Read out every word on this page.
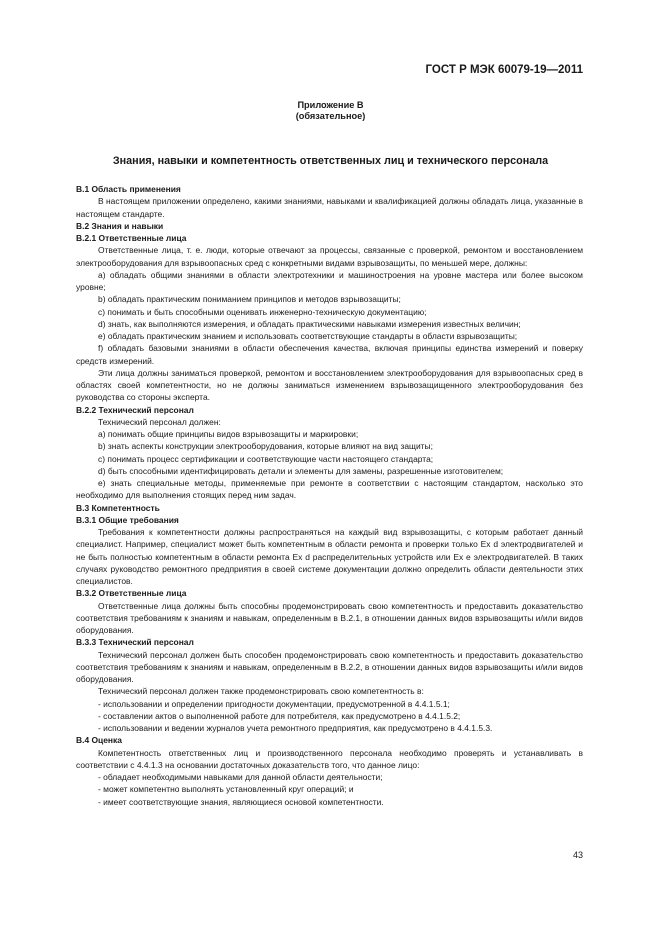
ГОСТ Р МЭК 60079-19—2011
Приложение В
(обязательное)
Знания, навыки и компетентность ответственных лиц и технического персонала

В.1 Область применения

В настоящем приложении определено, какими знаниями, навыками и квалификацией должны обладать лица, указанные в настоящем стандарте.

В.2 Знания и навыки

В.2.1 Ответственные лица

Ответственные лица, т. е. люди, которые отвечают за процессы, связанные с проверкой, ремонтом и восстановлением электрооборудования для взрывоопасных сред с конкретными видами взрывозащиты, по меньшей мере, должны:

а) обладать общими знаниями в области электротехники и машиностроения на уровне мастера или более высоком уровне;

b) обладать практическим пониманием принципов и методов взрывозащиты;

c) понимать и быть способными оценивать инженерно-техническую документацию;

d) знать, как выполняются измерения, и обладать практическими навыками измерения известных величин;

e) обладать практическим знанием и использовать соответствующие стандарты в области взрывозащиты;

f) обладать базовыми знаниями в области обеспечения качества, включая принципы единства измерений и поверку средств измерений.

Эти лица должны заниматься проверкой, ремонтом и восстановлением электрооборудования для взрывоопасных сред в областях своей компетентности, но не должны заниматься изменением взрывозащищенного электрооборудования без руководства со стороны эксперта.

В.2.2 Технический персонал

Технический персонал должен:

а) понимать общие принципы видов взрывозащиты и маркировки;

b) знать аспекты конструкции электрооборудования, которые влияют на вид защиты;

c) понимать процесс сертификации и соответствующие части настоящего стандарта;

d) быть способными идентифицировать детали и элементы для замены, разрешенные изготовителем;

e) знать специальные методы, применяемые при ремонте в соответствии с настоящим стандартом, насколько это необходимо для выполнения стоящих перед ним задач.

В.3 Компетентность

В.3.1 Общие требования

Требования к компетентности должны распространяться на каждый вид взрывозащиты, с которым работает данный специалист. Например, специалист может быть компетентным в области ремонта и проверки только Ex d электродвигателей и не быть полностью компетентным в области ремонта Ex d распределительных устройств или Ex e электродвигателей. В таких случаях руководство ремонтного предприятия в своей системе документации должно определить области деятельности этих специалистов.

В.3.2 Ответственные лица

Ответственные лица должны быть способны продемонстрировать свою компетентность и предоставить доказательство соответствия требованиям к знаниям и навыкам, определенным в В.2.1, в отношении данных видов взрывозащиты и/или видов оборудования.

В.3.3 Технический персонал

Технический персонал должен быть способен продемонстрировать свою компетентность и предоставить доказательство соответствия требованиям к знаниям и навыкам, определенным в В.2.2, в отношении данных видов взрывозащиты и/или видов оборудования.

Технический персонал должен также продемонстрировать свою компетентность в:

- использовании и определении пригодности документации, предусмотренной в 4.4.1.5.1;

- составлении актов о выполненной работе для потребителя, как предусмотрено в 4.4.1.5.2;

- использовании и ведении журналов учета ремонтного предприятия, как предусмотрено в 4.4.1.5.3.

В.4 Оценка

Компетентность ответственных лиц и производственного персонала необходимо проверять и устанавливать в соответствии с 4.4.1.3 на основании достаточных доказательств того, что данное лицо:

- обладает необходимыми навыками для данной области деятельности;

- может компетентно выполнять установленный круг операций; и

- имеет соответствующие знания, являющиеся основой компетентности.

43
